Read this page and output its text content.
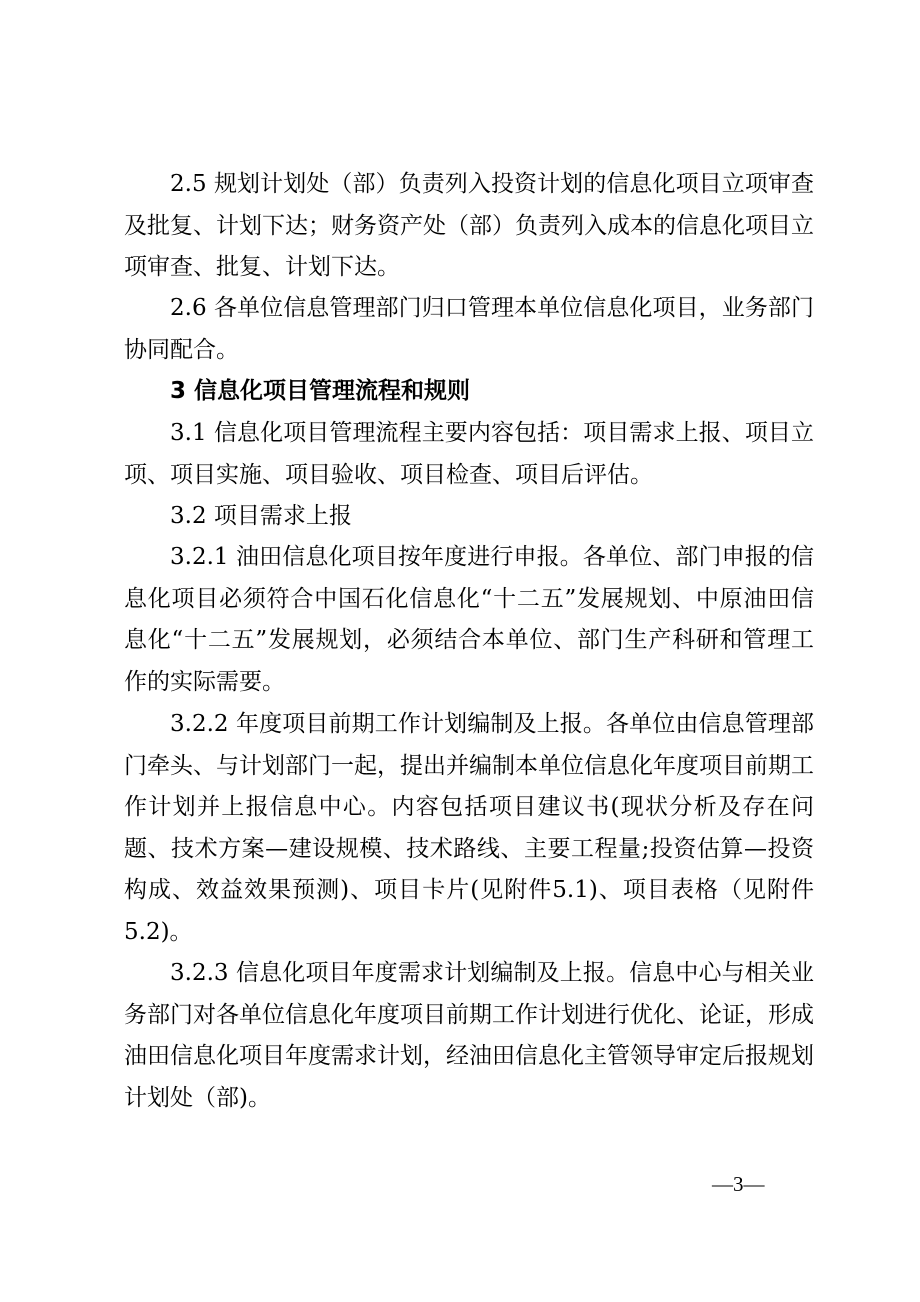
2.5 规划计划处（部）负责列入投资计划的信息化项目立项审查及批复、计划下达；财务资产处（部）负责列入成本的信息化项目立项审查、批复、计划下达。

2.6 各单位信息管理部门归口管理本单位信息化项目，业务部门协同配合。

3 信息化项目管理流程和规则

3.1 信息化项目管理流程主要内容包括：项目需求上报、项目立项、项目实施、项目验收、项目检查、项目后评估。

3.2 项目需求上报

3.2.1 油田信息化项目按年度进行申报。各单位、部门申报的信息化项目必须符合中国石化信息化“十二五”发展规划、中原油田信息化“十二五”发展规划，必须结合本单位、部门生产科研和管理工作的实际需要。

3.2.2 年度项目前期工作计划编制及上报。各单位由信息管理部门牵头、与计划部门一起，提出并编制本单位信息化年度项目前期工作计划并上报信息中心。内容包括项目建议书(现状分析及存在问题、技术方案—建设规模、技术路线、主要工程量;投资估算—投资构成、效益效果预测)、项目卡片(见附件5.1)、项目表格（见附件5.2)。

3.2.3 信息化项目年度需求计划编制及上报。信息中心与相关业务部门对各单位信息化年度项目前期工作计划进行优化、论证，形成油田信息化项目年度需求计划，经油田信息化主管领导审定后报规划计划处（部)。

—3—
